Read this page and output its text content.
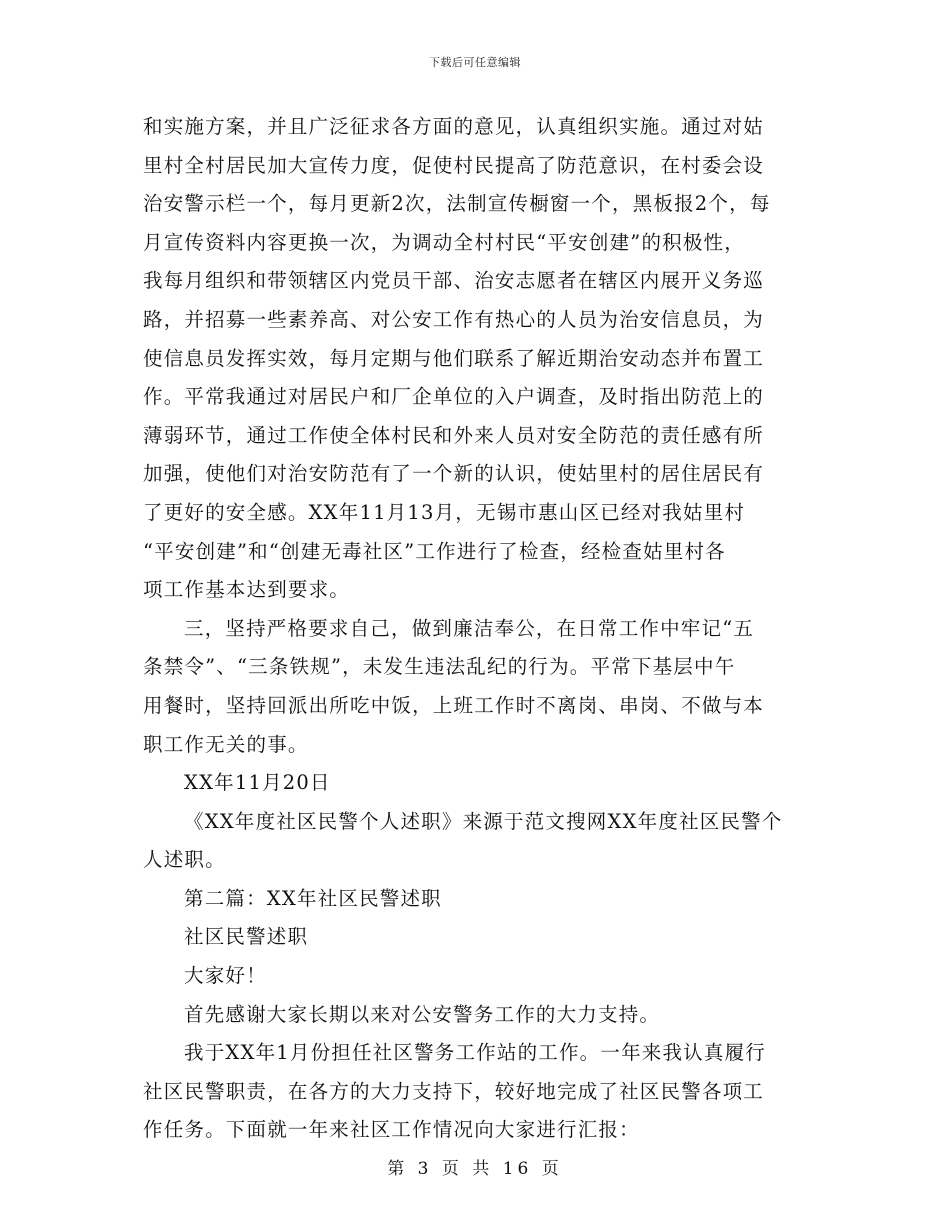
下载后可任意编辑
和实施方案，并且广泛征求各方面的意见，认真组织实施。通过对姑
里村全村居民加大宣传力度，促使村民提高了防范意识，在村委会设
治安警示栏一个，每月更新2次，法制宣传橱窗一个，黑板报2个，每
月宣传资料内容更换一次，为调动全村村民“平安创建”的积极性，
我每月组织和带领辖区内党员干部、治安志愿者在辖区内展开义务巡
路，并招募一些素养高、对公安工作有热心的人员为治安信息员，为
使信息员发挥实效，每月定期与他们联系了解近期治安动态并布置工
作。平常我通过对居民户和厂企单位的入户调查，及时指出防范上的
薄弱环节，通过工作使全体村民和外来人员对安全防范的责任感有所
加强，使他们对治安防范有了一个新的认识，使姑里村的居住居民有
了更好的安全感。XX年11月13月，无锡市惠山区已经对我姑里村
“平安创建”和“创建无毒社区”工作进行了检查，经检查姑里村各
项工作基本达到要求。
三，坚持严格要求自己，做到廉洁奉公，在日常工作中牢记“五
条禁令”、“三条铁规”，未发生违法乱纪的行为。平常下基层中午
用餐时，坚持回派出所吃中饭，上班工作时不离岗、串岗、不做与本
职工作无关的事。
XX年11月20日
《XX年度社区民警个人述职》来源于范文搜网XX年度社区民警个
人述职。
第二篇：XX年社区民警述职
社区民警述职
大家好！
首先感谢大家长期以来对公安警务工作的大力支持。
我于XX年1月份担任社区警务工作站的工作。一年来我认真履行
社区民警职责，在各方的大力支持下，较好地完成了社区民警各项工
作任务。下面就一年来社区工作情况向大家进行汇报：
第 3 页 共 16 页
